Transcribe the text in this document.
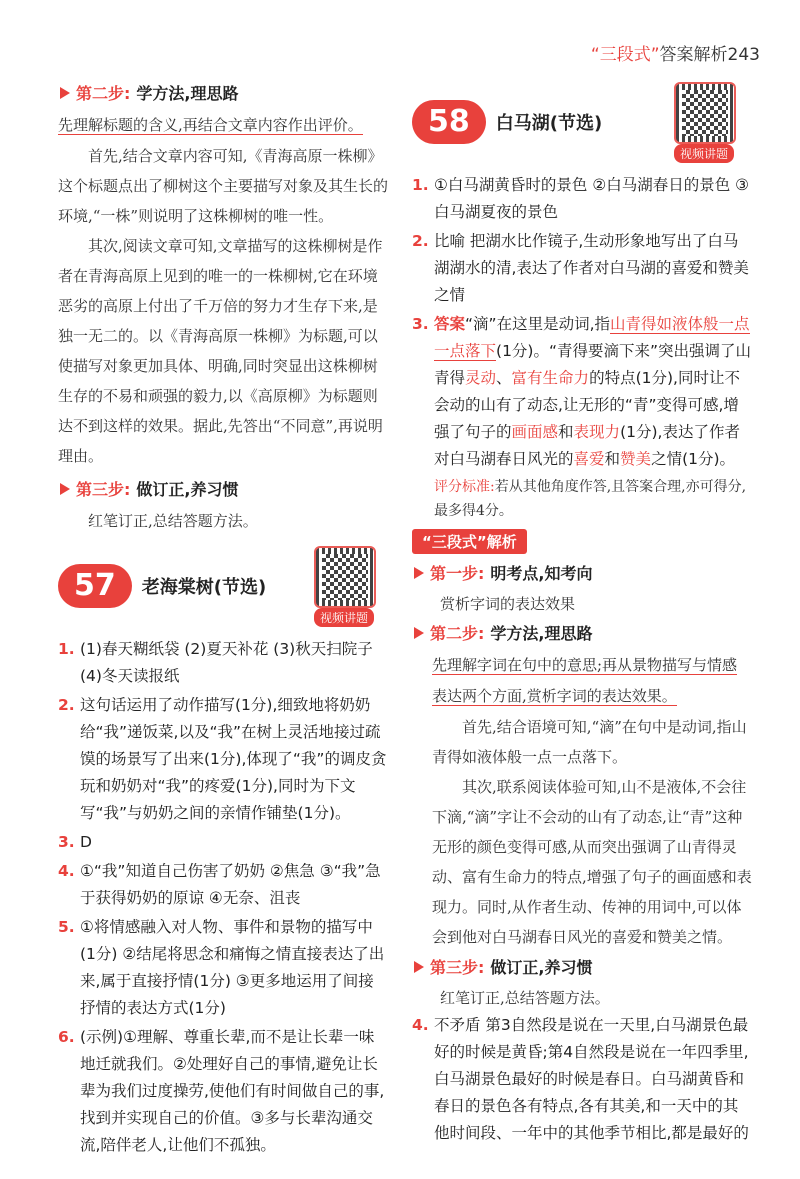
“三段式”答案解析243
第二步: 学方法,理思路
先理解标题的含义,再结合文章内容作出评价。

首先,结合文章内容可知,《青海高原一株柳》这个标题点出了柳树这个主要描写对象及其生长的环境,“一株”则说明了这株柳树的唯一性。

其次,阅读文章可知,文章描写的这株柳树是作者在青海高原上见到的唯一的一株柳树,它在环境恶劣的高原上付出了千万倍的努力才生存下来,是独一无二的。以《青海高原一株柳》为标题,可以使描写对象更加具体、明确,同时突显出这株柳树生存的不易和顽强的毅力,以《高原柳》为标题则达不到这样的效果。据此,先答出“不同意”,再说明理由。

第三步: 做订正,养习惯

红笔订正,总结答题方法。

57	老海棠树(节选)
视频讲题
1. (1)春天糊纸袋 (2)夏天补花 (3)秋天扫院子 (4)冬天读报纸
2. 这句话运用了动作描写(1分),细致地将奶奶给“我”递饭菜,以及“我”在树上灵活地接过疏馍的场景写了出来(1分),体现了“我”的调皮贪玩和奶奶对“我”的疼爱(1分),同时为下文写“我”与奶奶之间的亲情作铺垫(1分)。
3. D
4. ①“我”知道自己伤害了奶奶 ②焦急 ③“我”急于获得奶奶的原谅 ④无奈、沮丧
5. ①将情感融入对人物、事件和景物的描写中(1分) ②结尾将思念和痛悔之情直接表达了出来,属于直接抒情(1分) ③更多地运用了间接抒情的表达方式(1分)
6. (示例)①理解、尊重长辈,而不是让长辈一味地迁就我们。②处理好自己的事情,避免让长辈为我们过度操劳,使他们有时间做自己的事,找到并实现自己的价值。③多与长辈沟通交流,陪伴老人,让他们不孤独。
58	白马湖(节选)
视频讲题
1. ①白马湖黄昏时的景色 ②白马湖春日的景色 ③白马湖夏夜的景色
2. 比喻 把湖水比作镜子,生动形象地写出了白马湖湖水的清,表达了作者对白马湖的喜爱和赞美之情
3. 答案“滴”在这里是动词,指山青得如液体般一点一点落下(1分)。“青得要滴下来”突出强调了山青得灵动、富有生命力的特点(1分),同时让不会动的山有了动态,让无形的“青”变得可感,增强了句子的画面感和表现力(1分),表达了作者对白马湖春日风光的喜爱和赞美之情(1分)。
评分标准:若从其他角度作答,且答案合理,亦可得分,最多得4分。
“三段式”解析
第一步: 明考点,知考向
赏析字词的表达效果
第二步: 学方法,理思路
先理解字词在句中的意思;再从景物描写与情感表达两个方面,赏析字词的表达效果。

首先,结合语境可知,“滴”在句中是动词,指山青得如液体般一点一点落下。

其次,联系阅读体验可知,山不是液体,不会往下滴,“滴”字让不会动的山有了动态,让“青”这种无形的颜色变得可感,从而突出强调了山青得灵动、富有生命力的特点,增强了句子的画面感和表现力。同时,从作者生动、传神的用词中,可以体会到他对白马湖春日风光的喜爱和赞美之情。

第三步: 做订正,养习惯
红笔订正,总结答题方法。
4. 不矛盾 第3自然段是说在一天里,白马湖景色最好的时候是黄昏;第4自然段是说在一年四季里,白马湖景色最好的时候是春日。白马湖黄昏和春日的景色各有特点,各有其美,和一天中的其他时间段、一年中的其他季节相比,都是最好的
